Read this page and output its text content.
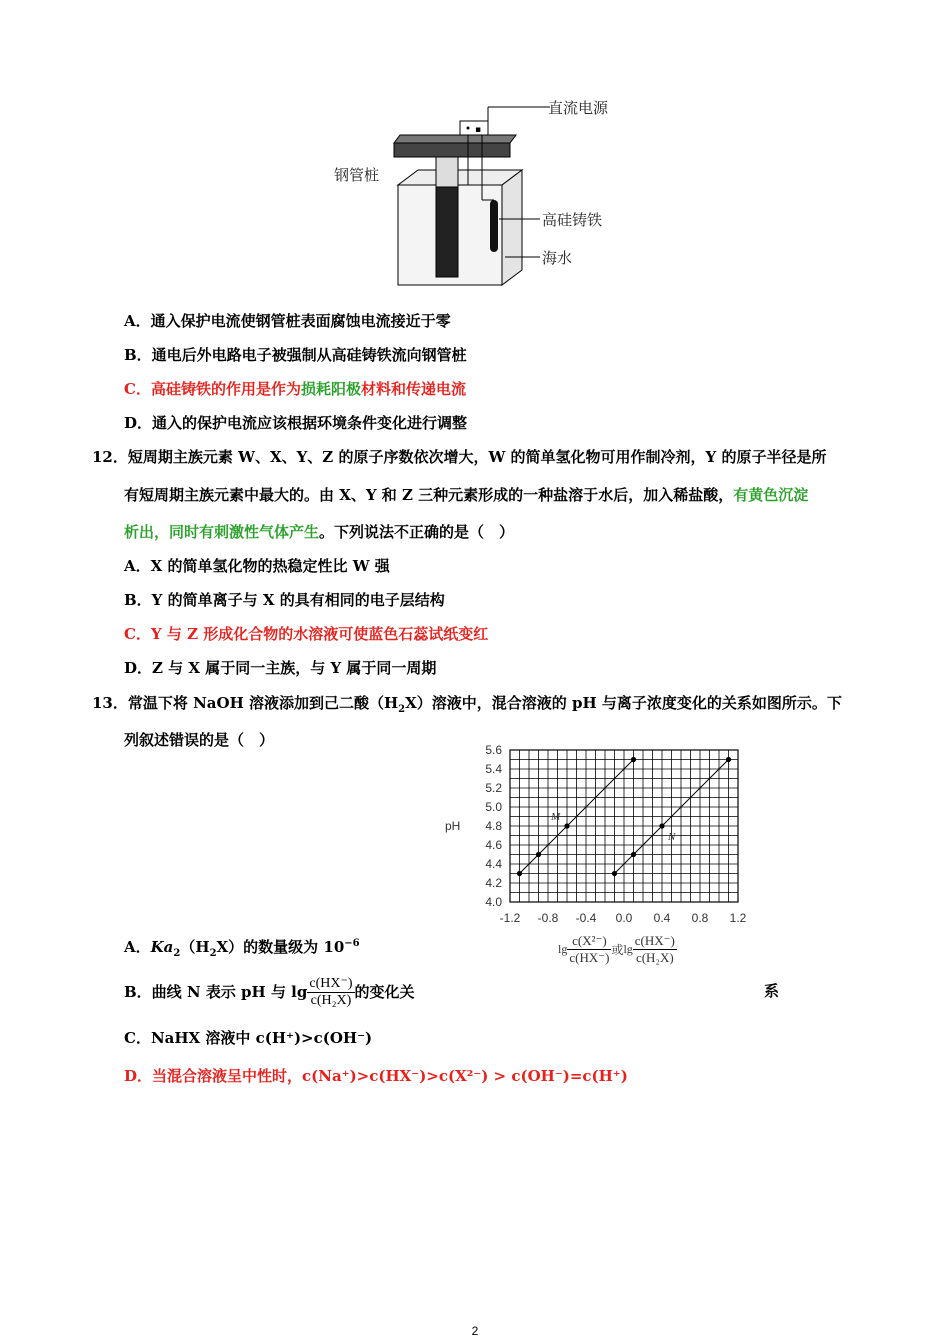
▪
直流电源
钢管桩
高硅铸铁
海水
A．通入保护电流使钢管桩表面腐蚀电流接近于零
B．通电后外电路电子被强制从高硅铸铁流向钢管桩
C．高硅铸铁的作用是作为损耗阳极材料和传递电流
D．通入的保护电流应该根据环境条件变化进行调整
12．短周期主族元素 W、X、Y、Z 的原子序数依次增大，W 的简单氢化物可用作制冷剂，Y 的原子半径是所
有短周期主族元素中最大的。由 X、Y 和 Z 三种元素形成的一种盐溶于水后，加入稀盐酸，有黄色沉淀
析出，同时有刺激性气体产生。下列说法不正确的是（　）
A．X 的简单氢化物的热稳定性比 W 强
B．Y 的简单离子与 X 的具有相同的电子层结构
C．Y 与 Z 形成化合物的水溶液可使蓝色石蕊试纸变红
D．Z 与 X 属于同一主族，与 Y 属于同一周期
13．常温下将 NaOH 溶液添加到己二酸$(H_2X)$溶液中，混合溶液的 pH 与离子浓度变化的关系如图所示。下
列叙述错误的是（　）
4.0
4.2
4.4
4.6
4.8
5.0
5.2
5.4
5.6
-1.2 -0.8 -0.4 0.0 0.4 0.8 1.2
pH
M
N
$\lg \frac{\text{c(X²⁻)}}{c(HX^-)}$ 或$\lg \frac{c(HX^-)}{\text{c(H₂X)}}$
A．$Ka_2(H_2X)$的数量级为 $10^{-6}$
B．曲线 N 表示 pH 与 $\lg \frac{c(HX^-)}{\text{c(H₂X)}}$ 的变化关	系
C．NaHX 溶液中 c(H⁺)>c(OH⁻)
D．当混合溶液呈中性时，c(Na⁺)>c(HX⁻)>c(X²⁻) > c(OH⁻)=c(H⁺)
2
